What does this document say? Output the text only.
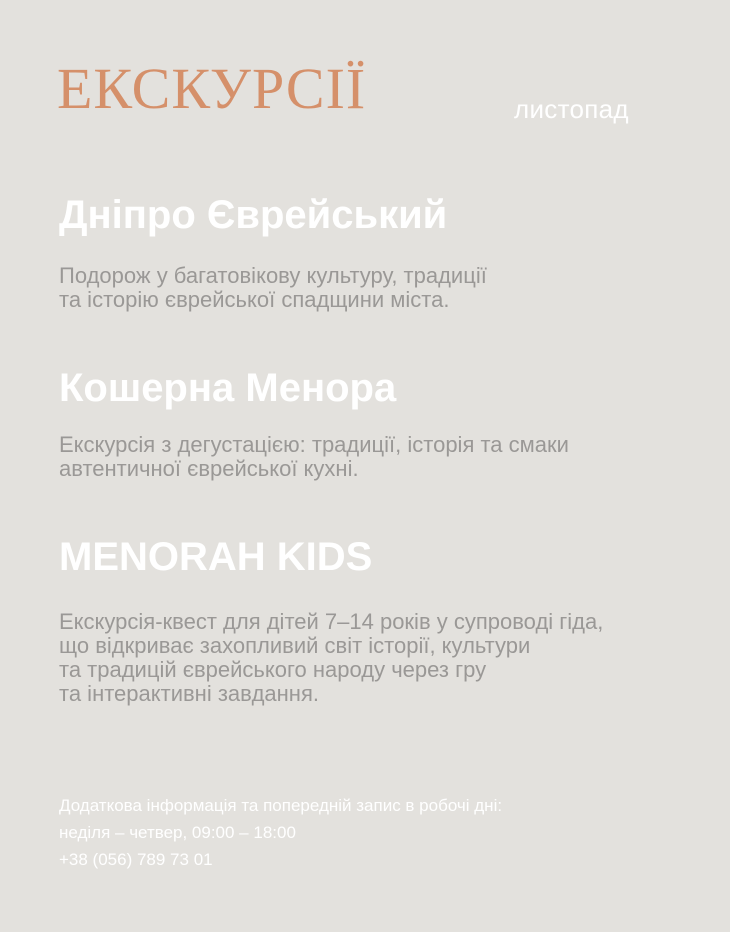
ЕКСКУРСІЇ	листопад
Дніпро Єврейський

Подорож у багатовікову культуру, традиції
та історію єврейської спадщини міста.

Кошерна Менора

Екскурсія з дегустацією: традиції, історія та смаки
автентичної єврейської кухні.

MENORAH KIDS

Екскурсія-квест для дітей 7–14 років у супроводі гіда,
що відкриває захопливий світ історії, культури
та традицій єврейського народу через гру
та інтерактивні завдання.

Додаткова інформація та попередній запис в робочі дні:
неділя – четвер, 09:00 – 18:00
+38 (056) 789 73 01
